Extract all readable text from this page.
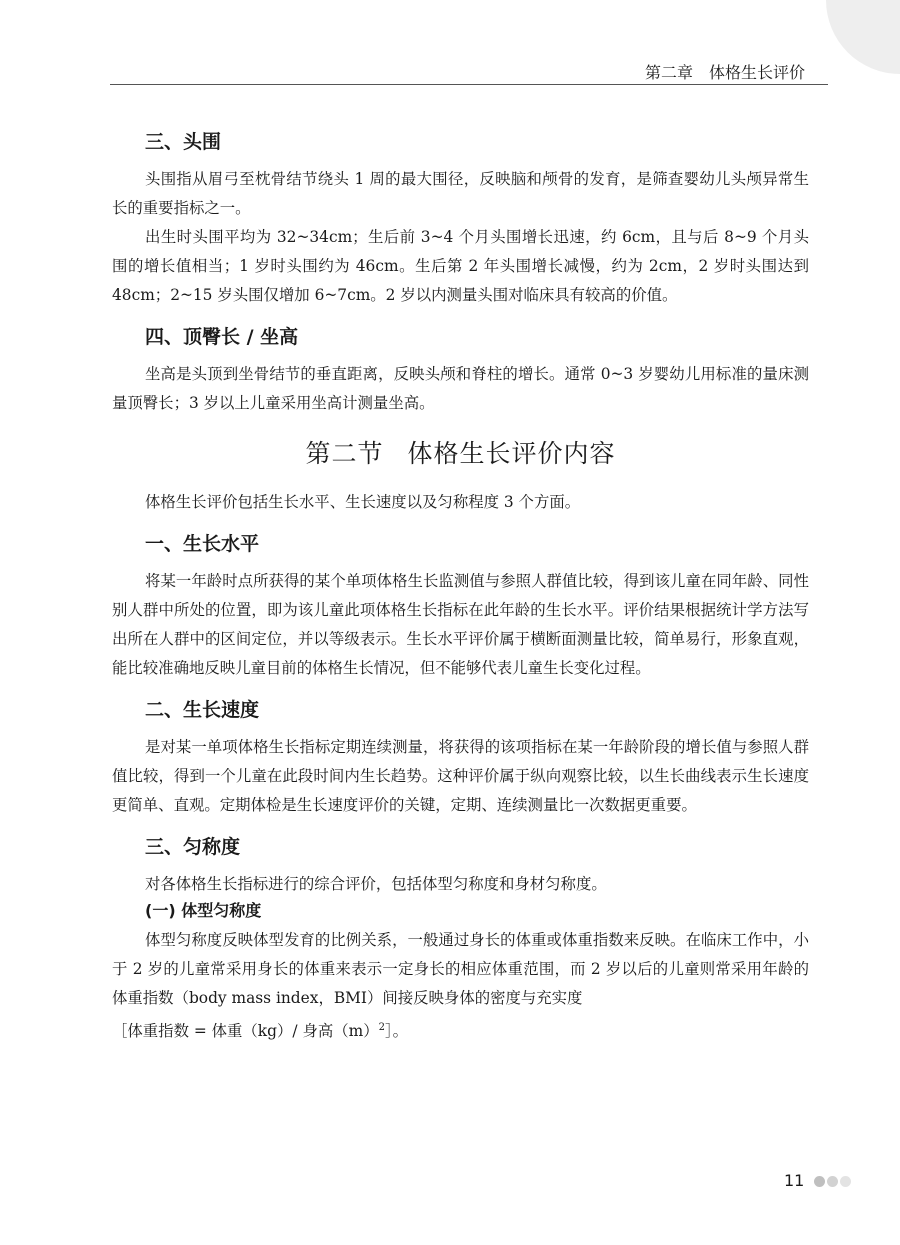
第二章 体格生长评价
三、头围

头围指从眉弓至枕骨结节绕头 1 周的最大围径，反映脑和颅骨的发育，是筛查婴幼儿头颅异常生长的重要指标之一。

出生时头围平均为 32~34cm；生后前 3~4 个月头围增长迅速，约 6cm，且与后 8~9 个月头围的增长值相当；1 岁时头围约为 46cm。生后第 2 年头围增长减慢，约为 2cm，2 岁时头围达到 48cm；2~15 岁头围仅增加 6~7cm。2 岁以内测量头围对临床具有较高的价值。

四、顶臀长 / 坐高

坐高是头顶到坐骨结节的垂直距离，反映头颅和脊柱的增长。通常 0~3 岁婴幼儿用标准的量床测量顶臀长；3 岁以上儿童采用坐高计测量坐高。

第二节 体格生长评价内容

体格生长评价包括生长水平、生长速度以及匀称程度 3 个方面。

一、生长水平

将某一年龄时点所获得的某个单项体格生长监测值与参照人群值比较，得到该儿童在同年龄、同性别人群中所处的位置，即为该儿童此项体格生长指标在此年龄的生长水平。评价结果根据统计学方法写出所在人群中的区间定位，并以等级表示。生长水平评价属于横断面测量比较，简单易行，形象直观，能比较准确地反映儿童目前的体格生长情况，但不能够代表儿童生长变化过程。

二、生长速度

是对某一单项体格生长指标定期连续测量，将获得的该项指标在某一年龄阶段的增长值与参照人群值比较，得到一个儿童在此段时间内生长趋势。这种评价属于纵向观察比较，以生长曲线表示生长速度更简单、直观。定期体检是生长速度评价的关键，定期、连续测量比一次数据更重要。

三、匀称度

对各体格生长指标进行的综合评价，包括体型匀称度和身材匀称度。

(一) 体型匀称度

体型匀称度反映体型发育的比例关系，一般通过身长的体重或体重指数来反映。在临床工作中，小于 2 岁的儿童常采用身长的体重来表示一定身长的相应体重范围，而 2 岁以后的儿童则常采用年龄的体重指数（body mass index，BMI）间接反映身体的密度与充实度

［体重指数 = 体重（kg）/ 身高$(m)^2]$。
11
